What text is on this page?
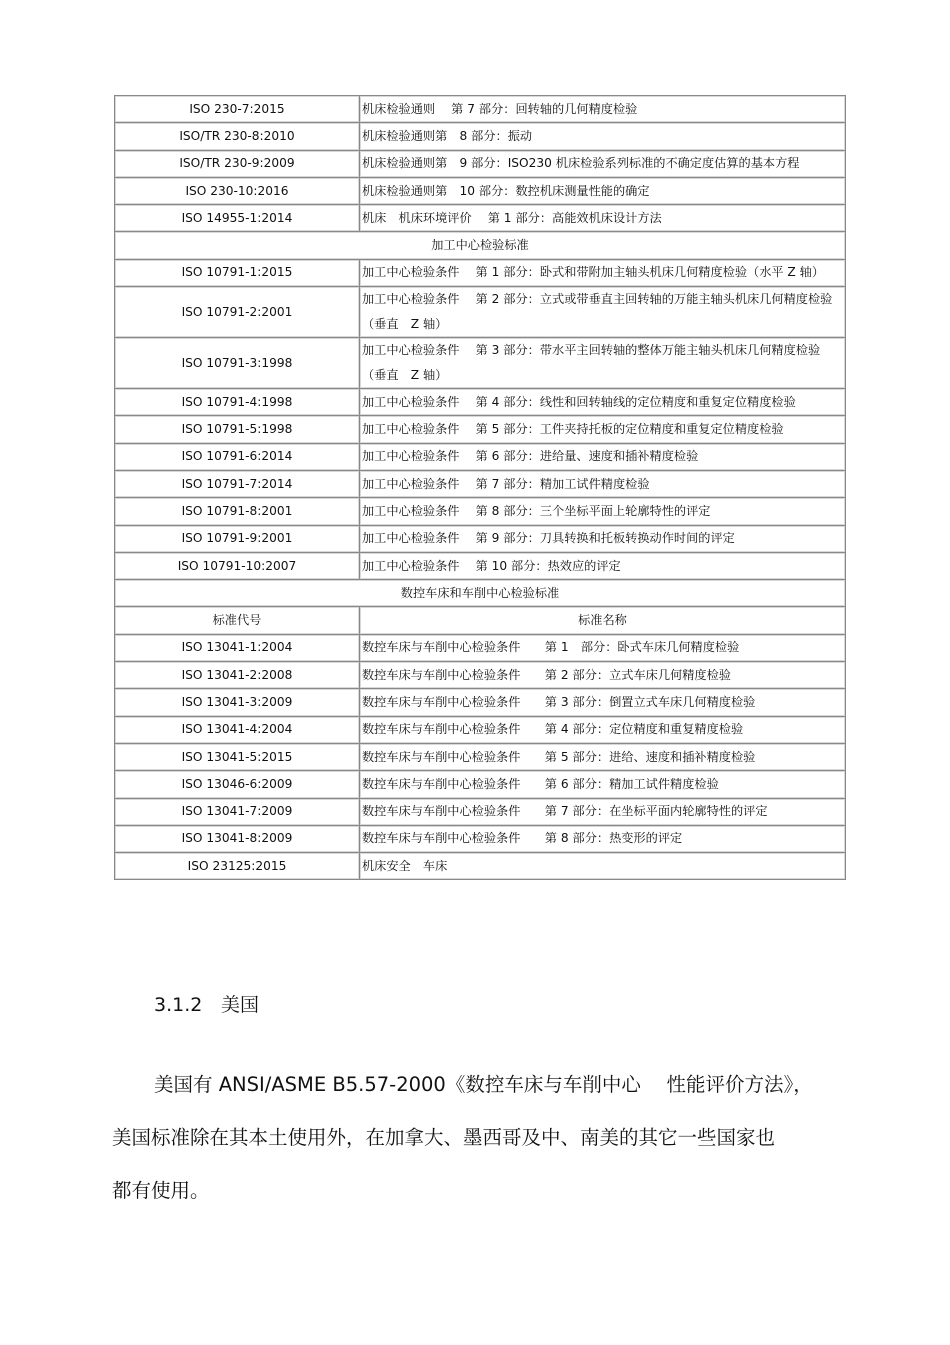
ISO 230-7:2015	机床检验通则　 第 7 部分：回转轴的几何精度检验
ISO/TR 230-8:2010	机床检验通则第　8 部分：振动
ISO/TR 230-9:2009	机床检验通则第　9 部分：ISO230 机床检验系列标准的不确定度估算的基本方程
ISO 230-10:2016	机床检验通则第　10 部分：数控机床测量性能的确定
ISO 14955-1:2014	机床　机床环境评价　 第 1 部分：高能效机床设计方法
加工中心检验标准	
ISO 10791-1:2015	加工中心检验条件　 第 1 部分：卧式和带附加主轴头机床几何精度检验（水平 Z 轴）
ISO 10791-2:2001	加工中心检验条件　 第 2 部分：立式或带垂直主回转轴的万能主轴头机床几何精度检验（垂直　Z 轴）
ISO 10791-3:1998	加工中心检验条件　 第 3 部分：带水平主回转轴的整体万能主轴头机床几何精度检验（垂直　Z 轴）
ISO 10791-4:1998	加工中心检验条件　 第 4 部分：线性和回转轴线的定位精度和重复定位精度检验
ISO 10791-5:1998	加工中心检验条件　 第 5 部分：工件夹持托板的定位精度和重复定位精度检验
ISO 10791-6:2014	加工中心检验条件　 第 6 部分：进给量、速度和插补精度检验
ISO 10791-7:2014	加工中心检验条件　 第 7 部分：精加工试件精度检验
ISO 10791-8:2001	加工中心检验条件　 第 8 部分：三个坐标平面上轮廓特性的评定
ISO 10791-9:2001	加工中心检验条件　 第 9 部分：刀具转换和托板转换动作时间的评定
ISO 10791-10:2007	加工中心检验条件　 第 10 部分：热效应的评定
数控车床和车削中心检验标准	
标准代号	标准名称
ISO 13041-1:2004	数控车床与车削中心检验条件　　第 1　部分：卧式车床几何精度检验
ISO 13041-2:2008	数控车床与车削中心检验条件　　第 2 部分：立式车床几何精度检验
ISO 13041-3:2009	数控车床与车削中心检验条件　　第 3 部分：倒置立式车床几何精度检验
ISO 13041-4:2004	数控车床与车削中心检验条件　　第 4 部分：定位精度和重复精度检验
ISO 13041-5:2015	数控车床与车削中心检验条件　　第 5 部分：进给、速度和插补精度检验
ISO 13046-6:2009	数控车床与车削中心检验条件　　第 6 部分：精加工试件精度检验
ISO 13041-7:2009	数控车床与车削中心检验条件　　第 7 部分：在坐标平面内轮廓特性的评定
ISO 13041-8:2009	数控车床与车削中心检验条件　　第 8 部分：热变形的评定
ISO 23125:2015	机床安全　车床
3.1.2 美国
美国有 ANSI/ASME B5.57-2000《数控车床与车削中心　 性能评价方法》，
美国标准除在其本土使用外，在加拿大、墨西哥及中、南美的其它一些国家也
都有使用。
